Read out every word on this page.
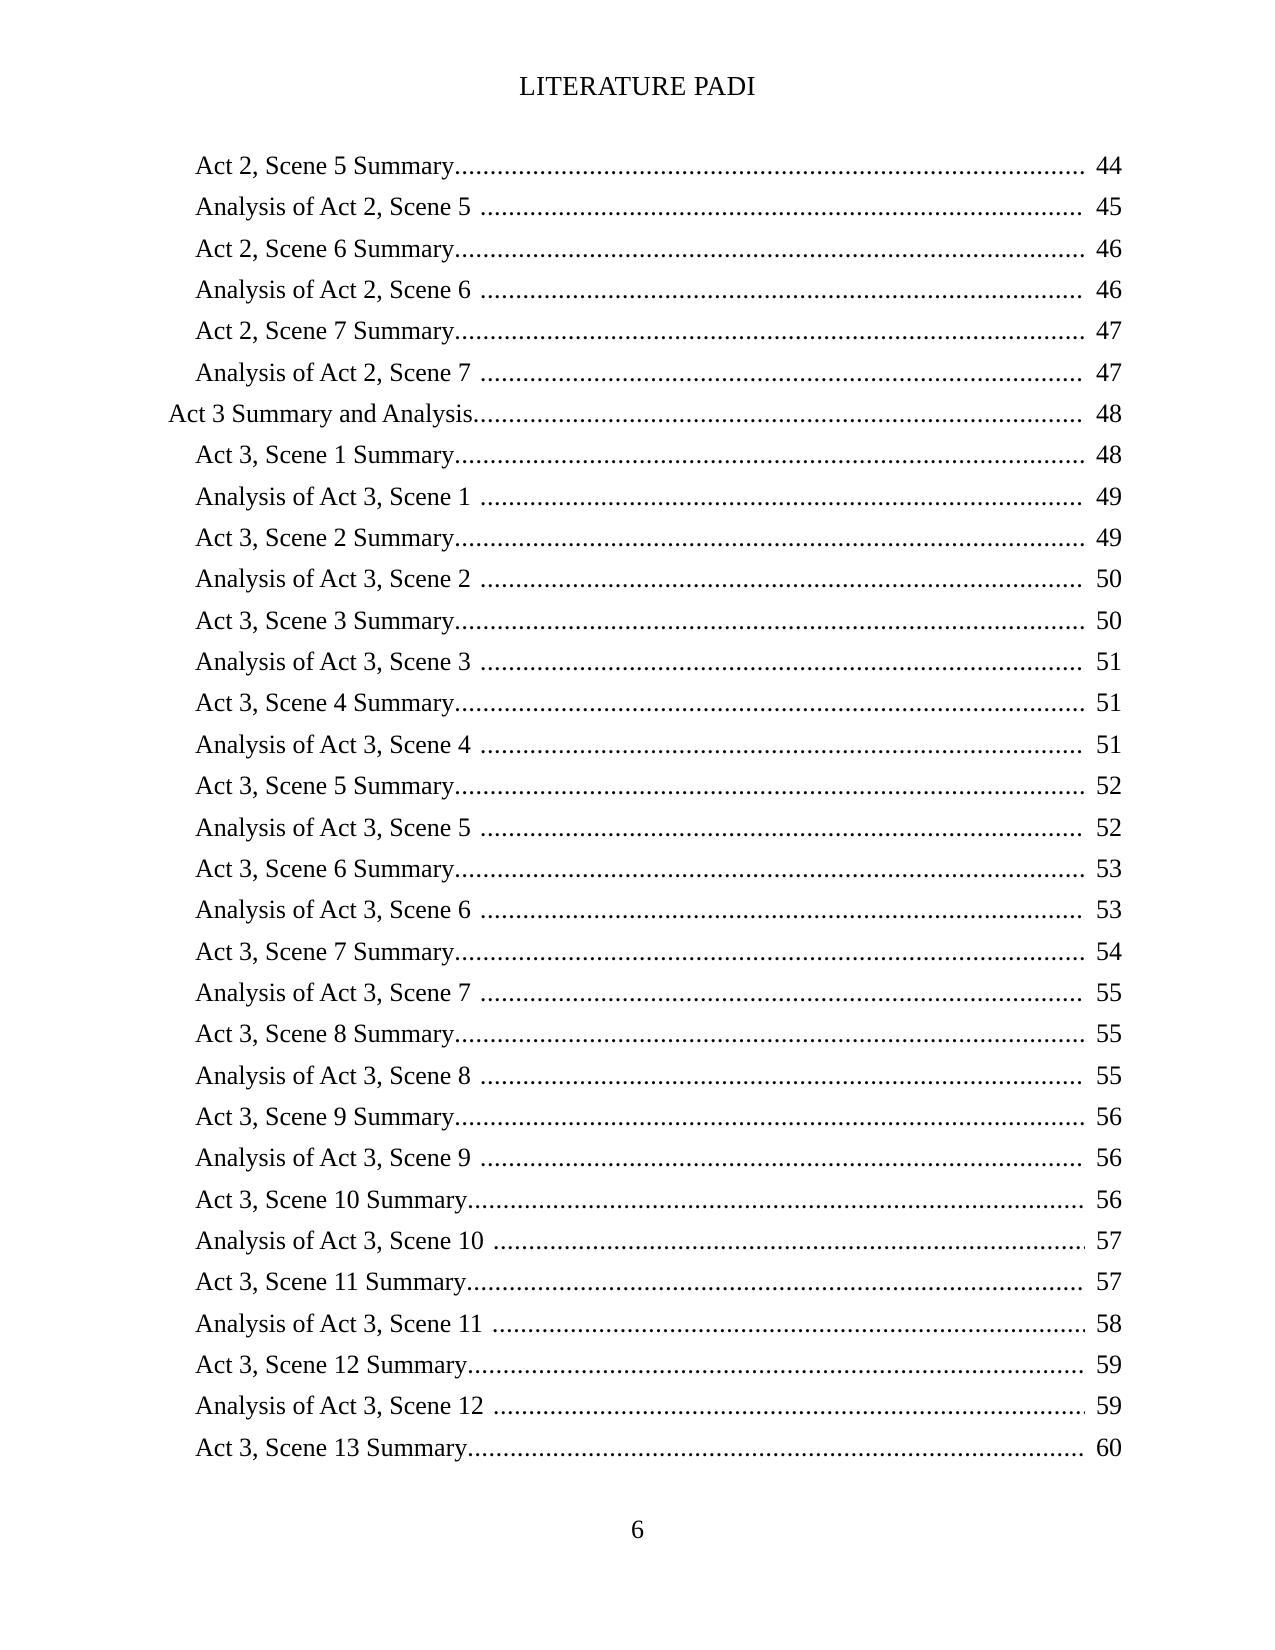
LITERATURE PADI
Act 2, Scene 5 Summary .....	44
Analysis of Act 2, Scene 5 .....	45
Act 2, Scene 6 Summary .....	46
Analysis of Act 2, Scene 6 .....	46
Act 2, Scene 7 Summary .....	47
Analysis of Act 2, Scene 7 .....	47
Act 3 Summary and Analysis .....	48
Act 3, Scene 1 Summary .....	48
Analysis of Act 3, Scene 1 .....	49
Act 3, Scene 2 Summary .....	49
Analysis of Act 3, Scene 2 .....	50
Act 3, Scene 3 Summary .....	50
Analysis of Act 3, Scene 3 .....	51
Act 3, Scene 4 Summary .....	51
Analysis of Act 3, Scene 4 .....	51
Act 3, Scene 5 Summary .....	52
Analysis of Act 3, Scene 5 .....	52
Act 3, Scene 6 Summary .....	53
Analysis of Act 3, Scene 6 .....	53
Act 3, Scene 7 Summary .....	54
Analysis of Act 3, Scene 7 .....	55
Act 3, Scene 8 Summary .....	55
Analysis of Act 3, Scene 8 .....	55
Act 3, Scene 9 Summary .....	56
Analysis of Act 3, Scene 9 .....	56
Act 3, Scene 10 Summary .....	56
Analysis of Act 3, Scene 10 .....	57
Act 3, Scene 11 Summary .....	57
Analysis of Act 3, Scene 11 .....	58
Act 3, Scene 12 Summary .....	59
Analysis of Act 3, Scene 12 .....	59
Act 3, Scene 13 Summary .....	60
6
